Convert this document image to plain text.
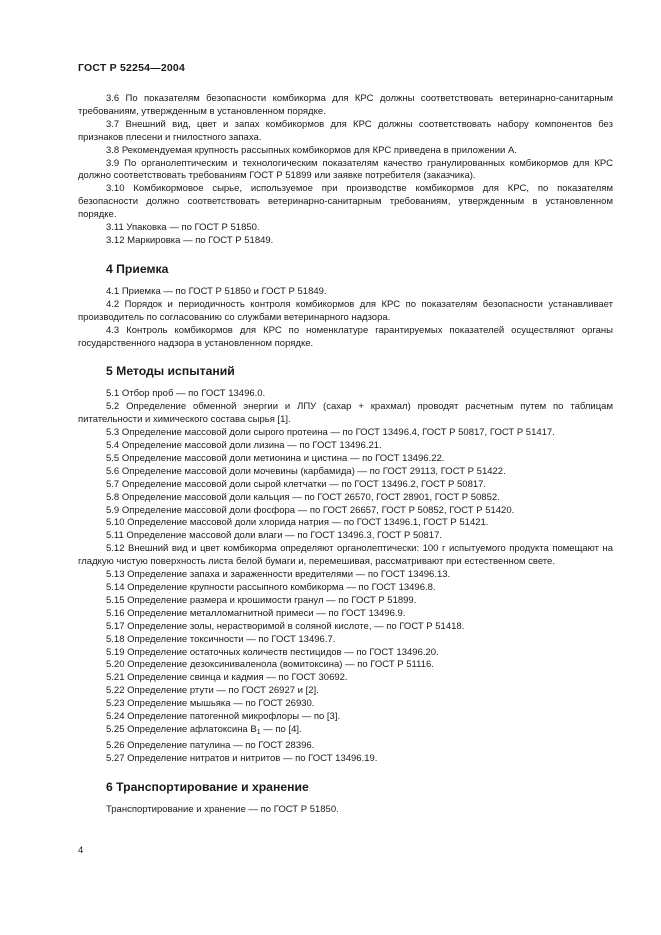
ГОСТ Р 52254—2004

3.6 По показателям безопасности комбикорма для КРС должны соответствовать ветеринарно-санитарным требованиям, утвержденным в установленном порядке.

3.7 Внешний вид, цвет и запах комбикормов для КРС должны соответствовать набору компонентов без признаков плесени и гнилостного запаха.

3.8 Рекомендуемая крупность рассыпных комбикормов для КРС приведена в приложении А.

3.9 По органолептическим и технологическим показателям качество гранулированных комбикормов для КРС должно соответствовать требованиям ГОСТ Р 51899 или заявке потребителя (заказчика).

3.10 Комбикормовое сырье, используемое при производстве комбикормов для КРС, по показателям безопасности должно соответствовать ветеринарно-санитарным требованиям, утвержденным в установленном порядке.

3.11 Упаковка — по ГОСТ Р 51850.

3.12 Маркировка — по ГОСТ Р 51849.

4 Приемка

4.1 Приемка — по ГОСТ Р 51850 и ГОСТ Р 51849.

4.2 Порядок и периодичность контроля комбикормов для КРС по показателям безопасности устанавливает производитель по согласованию со службами ветеринарного надзора.

4.3 Контроль комбикормов для КРС по номенклатуре гарантируемых показателей осуществляют органы государственного надзора в установленном порядке.

5 Методы испытаний

5.1 Отбор проб — по ГОСТ 13496.0.

5.2 Определение обменной энергии и ЛПУ (сахар + крахмал) проводят расчетным путем по таблицам питательности и химического состава сырья [1].

5.3 Определение массовой доли сырого протеина — по ГОСТ 13496.4, ГОСТ Р 50817, ГОСТ Р 51417.

5.4 Определение массовой доли лизина — по ГОСТ 13496.21.

5.5 Определение массовой доли метионина и цистина — по ГОСТ 13496.22.

5.6 Определение массовой доли мочевины (карбамида) — по ГОСТ 29113, ГОСТ Р 51422.

5.7 Определение массовой доли сырой клетчатки — по ГОСТ 13496.2, ГОСТ Р 50817.

5.8 Определение массовой доли кальция — по ГОСТ 26570, ГОСТ 28901, ГОСТ Р 50852.

5.9 Определение массовой доли фосфора — по ГОСТ 26657, ГОСТ Р 50852, ГОСТ Р 51420.

5.10 Определение массовой доли хлорида натрия — по ГОСТ 13496.1, ГОСТ Р 51421.

5.11 Определение массовой доли влаги — по ГОСТ 13496.3, ГОСТ Р 50817.

5.12 Внешний вид и цвет комбикорма определяют органолептически: 100 г испытуемого продукта помещают на гладкую чистую поверхность листа белой бумаги и, перемешивая, рассматривают при естественном свете.

5.13 Определение запаха и зараженности вредителями — по ГОСТ 13496.13.

5.14 Определение крупности рассыпного комбикорма — по ГОСТ 13496.8.

5.15 Определение размера и крошимости гранул — по ГОСТ Р 51899.

5.16 Определение металломагнитной примеси — по ГОСТ 13496.9.

5.17 Определение золы, нерастворимой в соляной кислоте, — по ГОСТ Р 51418.

5.18 Определение токсичности — по ГОСТ 13496.7.

5.19 Определение остаточных количеств пестицидов — по ГОСТ 13496.20.

5.20 Определение дезоксиниваленола (вомитоксина) — по ГОСТ Р 51116.

5.21 Определение свинца и кадмия — по ГОСТ 30692.

5.22 Определение ртути — по ГОСТ 26927 и [2].

5.23 Определение мышьяка — по ГОСТ 26930.

5.24 Определение патогенной микрофлоры — по [3].

5.25 Определение афлатоксина $В_1$ — по [4].

5.26 Определение патулина — по ГОСТ 28396.

5.27 Определение нитратов и нитритов — по ГОСТ 13496.19.

6 Транспортирование и хранение

Транспортирование и хранение — по ГОСТ Р 51850.

4
